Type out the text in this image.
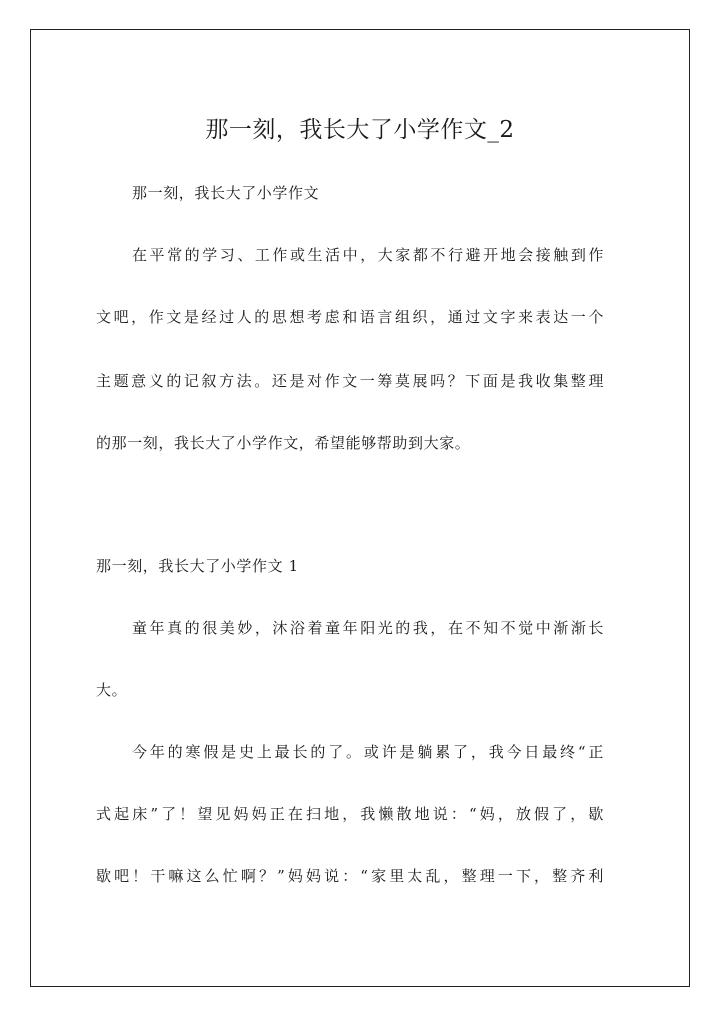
那一刻，我长大了小学作文_2
那一刻，我长大了小学作文
在平常的学习、工作或生活中，大家都不行避开地会接触到作
文吧，作文是经过人的思想考虑和语言组织，通过文字来表达一个
主题意义的记叙方法。还是对作文一筹莫展吗？下面是我收集整理
的那一刻，我长大了小学作文，希望能够帮助到大家。
那一刻，我长大了小学作文 1
童年真的很美妙，沐浴着童年阳光的我，在不知不觉中渐渐长
大。
今年的寒假是史上最长的了。或许是躺累了，我今日最终“正
式起床”了！望见妈妈正在扫地，我懒散地说：“妈，放假了，歇
歇吧！干嘛这么忙啊？”妈妈说：“家里太乱，整理一下，整齐利
